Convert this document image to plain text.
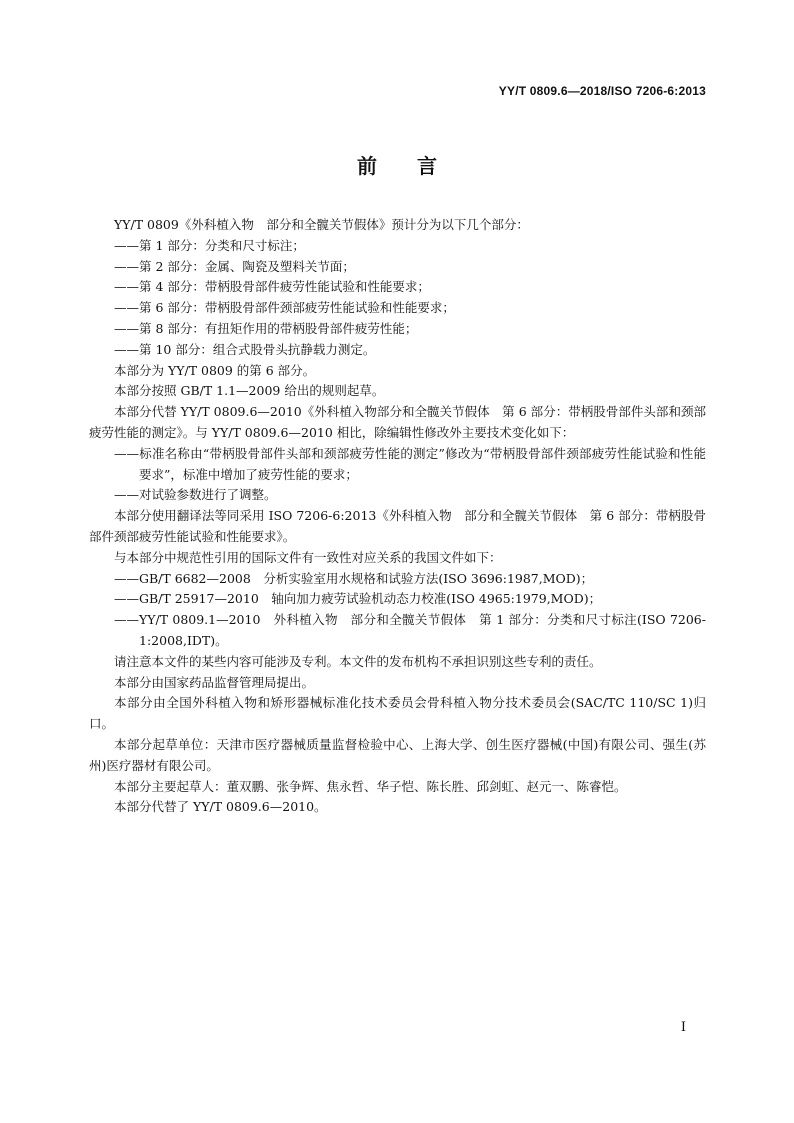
YY/T 0809.6—2018/ISO 7206-6:2013
前言

YY/T 0809《外科植入物　部分和全髋关节假体》预计分为以下几个部分：

——第 1 部分：分类和尺寸标注；

——第 2 部分：金属、陶瓷及塑料关节面；

——第 4 部分：带柄股骨部件疲劳性能试验和性能要求；

——第 6 部分：带柄股骨部件颈部疲劳性能试验和性能要求；

——第 8 部分：有扭矩作用的带柄股骨部件疲劳性能；

——第 10 部分：组合式股骨头抗静载力测定。

本部分为 YY/T 0809 的第 6 部分。

本部分按照 GB/T 1.1—2009 给出的规则起草。

本部分代替 YY/T 0809.6—2010《外科植入物部分和全髋关节假体　第 6 部分：带柄股骨部件头部和颈部疲劳性能的测定》。与 YY/T 0809.6—2010 相比，除编辑性修改外主要技术变化如下：

——标准名称由“带柄股骨部件头部和颈部疲劳性能的测定”修改为“带柄股骨部件颈部疲劳性能试验和性能要求”，标准中增加了疲劳性能的要求；

——对试验参数进行了调整。

本部分使用翻译法等同采用 ISO 7206-6:2013《外科植入物　部分和全髋关节假体　第 6 部分：带柄股骨部件颈部疲劳性能试验和性能要求》。

与本部分中规范性引用的国际文件有一致性对应关系的我国文件如下：

——GB/T 6682—2008　分析实验室用水规格和试验方法(ISO 3696:1987,MOD)；

——GB/T 25917—2010　轴向加力疲劳试验机动态力校准(ISO 4965:1979,MOD)；

——YY/T 0809.1—2010　外科植入物　部分和全髋关节假体　第 1 部分：分类和尺寸标注(ISO 7206-1:2008,IDT)。

请注意本文件的某些内容可能涉及专利。本文件的发布机构不承担识别这些专利的责任。

本部分由国家药品监督管理局提出。

本部分由全国外科植入物和矫形器械标准化技术委员会骨科植入物分技术委员会(SAC/TC 110/SC 1)归口。

本部分起草单位：天津市医疗器械质量监督检验中心、上海大学、创生医疗器械(中国)有限公司、强生(苏州)医疗器材有限公司。

本部分主要起草人：董双鹏、张争辉、焦永哲、华子恺、陈长胜、邱剑虹、赵元一、陈睿恺。

本部分代替了 YY/T 0809.6—2010。

I
